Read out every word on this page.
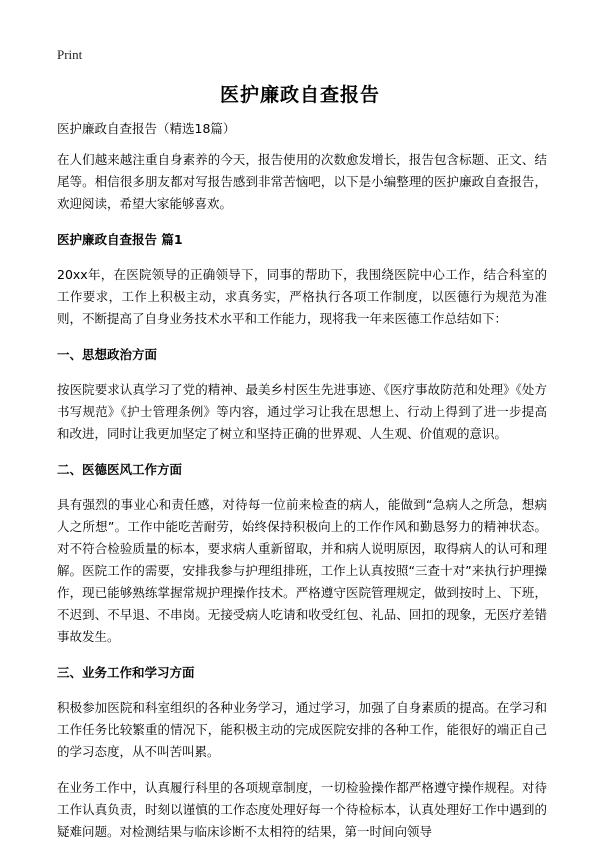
Print
医护廉政自查报告

医护廉政自查报告（精选18篇）

在人们越来越注重自身素养的今天，报告使用的次数愈发增长，报告包含标题、正文、结尾等。相信很多朋友都对写报告感到非常苦恼吧，以下是小编整理的医护廉政自查报告，欢迎阅读，希望大家能够喜欢。

医护廉政自查报告 篇1

20xx年，在医院领导的正确领导下，同事的帮助下，我围绕医院中心工作，结合科室的工作要求，工作上积极主动，求真务实，严格执行各项工作制度，以医德行为规范为准则，不断提高了自身业务技术水平和工作能力，现将我一年来医德工作总结如下：

一、思想政治方面

按医院要求认真学习了党的精神、最美乡村医生先进事迹、《医疗事故防范和处理》《处方书写规范》《护士管理条例》等内容，通过学习让我在思想上、行动上得到了进一步提高和改进，同时让我更加坚定了树立和坚持正确的世界观、人生观、价值观的意识。

二、医德医风工作方面

具有强烈的事业心和责任感，对待每一位前来检查的病人，能做到“急病人之所急，想病人之所想”。工作中能吃苦耐劳，始终保持积极向上的工作作风和勤恳努力的精神状态。对不符合检验质量的标本，要求病人重新留取，并和病人说明原因，取得病人的认可和理解。医院工作的需要，安排我参与护理组排班，工作上认真按照“三查十对”来执行护理操作，现已能够熟练掌握常规护理操作技术。严格遵守医院管理规定，做到按时上、下班，不迟到、不早退、不串岗。无接受病人吃请和收受红包、礼品、回扣的现象，无医疗差错事故发生。

三、业务工作和学习方面

积极参加医院和科室组织的各种业务学习，通过学习，加强了自身素质的提高。在学习和工作任务比较繁重的情况下，能积极主动的完成医院安排的各种工作，能很好的端正自己的学习态度，从不叫苦叫累。

在业务工作中，认真履行科里的各项规章制度，一切检验操作都严格遵守操作规程。对待工作认真负责，时刻以谨慎的工作态度处理好每一个待检标本，认真处理好工作中遇到的疑难问题。对检测结果与临床诊断不太相符的结果，第一时间向领导
